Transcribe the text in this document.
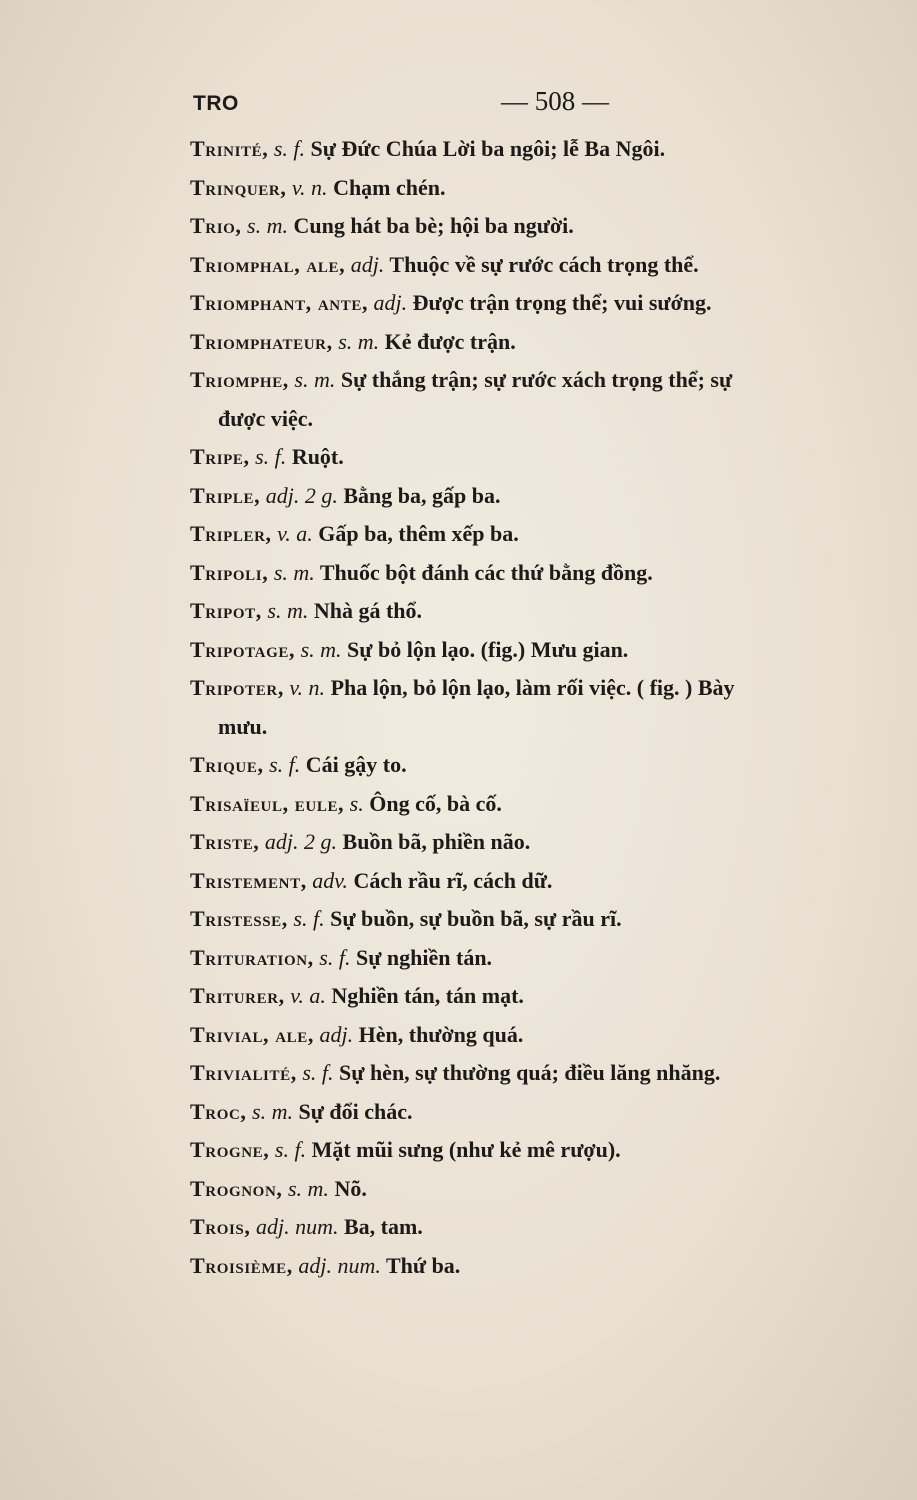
TRO	— 508 —
Trinité, s. f. Sự Đức Chúa Lời ba ngôi; lễ Ba Ngôi.
Trinquer, v. n. Chạm chén.
Trio, s. m. Cung hát ba bè; hội ba người.
Triomphal, ale, adj. Thuộc về sự rước cách trọng thể.
Triomphant, ante, adj. Được trận trọng thể; vui sướng.
Triomphateur, s. m. Kẻ được trận.
Triomphe, s. m. Sự thắng trận; sự rước xách trọng thể; sự
được việc.
Tripe, s. f. Ruột.
Triple, adj. 2 g. Bằng ba, gấp ba.
Tripler, v. a. Gấp ba, thêm xếp ba.
Tripoli, s. m. Thuốc bột đánh các thứ bằng đồng.
Tripot, s. m. Nhà gá thổ.
Tripotage, s. m. Sự bỏ lộn lạo. (fig.) Mưu gian.
Tripoter, v. n. Pha lộn, bỏ lộn lạo, làm rối việc. ( fig. ) Bày
mưu.
Trique, s. f. Cái gậy to.
Trisaïeul, eule, s. Ông cố, bà cố.
Triste, adj. 2 g. Buồn bã, phiền não.
Tristement, adv. Cách rầu rĩ, cách dữ.
Tristesse, s. f. Sự buồn, sự buồn bã, sự rầu rĩ.
Trituration, s. f. Sự nghiền tán.
Triturer, v. a. Nghiền tán, tán mạt.
Trivial, ale, adj. Hèn, thường quá.
Trivialité, s. f. Sự hèn, sự thường quá; điều lăng nhăng.
Troc, s. m. Sự đổi chác.
Trogne, s. f. Mặt mũi sưng (như kẻ mê rượu).
Trognon, s. m. Nõ.
Trois, adj. num. Ba, tam.
Troisième, adj. num. Thứ ba.
